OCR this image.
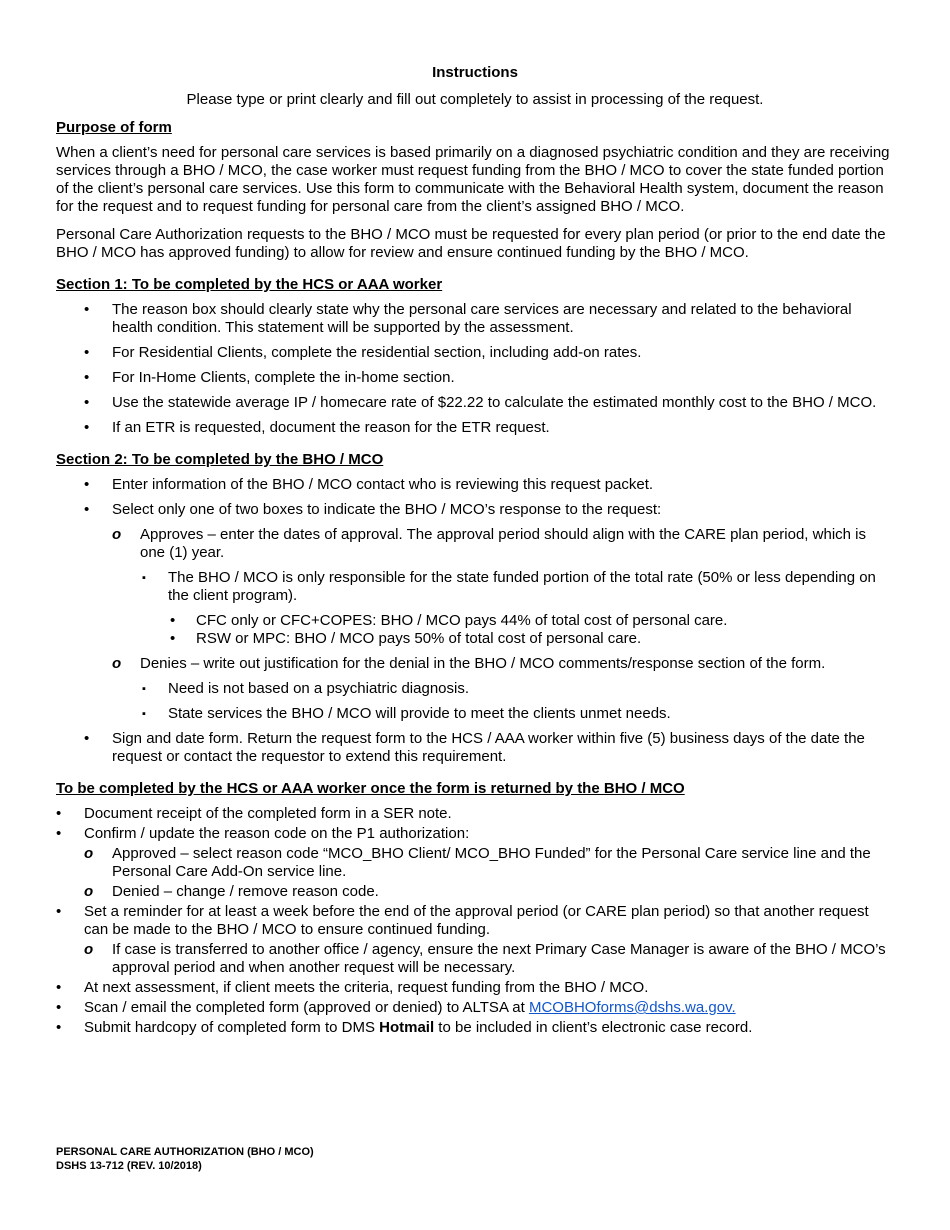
Instructions
Please type or print clearly and fill out completely to assist in processing of the request.
Purpose of form

When a client’s need for personal care services is based primarily on a diagnosed psychiatric condition and they are receiving services through a BHO / MCO, the case worker must request funding from the BHO / MCO to cover the state funded portion of the client’s personal care services. Use this form to communicate with the Behavioral Health system, document the reason for the request and to request funding for personal care from the client’s assigned BHO / MCO.

Personal Care Authorization requests to the BHO / MCO must be requested for every plan period (or prior to the end date the BHO / MCO has approved funding) to allow for review and ensure continued funding by the BHO / MCO.

Section 1: To be completed by the HCS or AAA worker
• The reason box should clearly state why the personal care services are necessary and related to the behavioral health condition. This statement will be supported by the assessment.
• For Residential Clients, complete the residential section, including add-on rates.
• For In-Home Clients, complete the in-home section.
• Use the statewide average IP / homecare rate of $22.22 to calculate the estimated monthly cost to the BHO / MCO.
• If an ETR is requested, document the reason for the ETR request.
Section 2: To be completed by the BHO / MCO
• Enter information of the BHO / MCO contact who is reviewing this request packet.
• Select only one of two boxes to indicate the BHO / MCO’s response to the request:
o Approves – enter the dates of approval. The approval period should align with the CARE plan period, which is one (1) year.
▪ The BHO / MCO is only responsible for the state funded portion of the total rate (50% or less depending on the client program).
• CFC only or CFC+COPES: BHO / MCO pays 44% of total cost of personal care.
• RSW or MPC: BHO / MCO pays 50% of total cost of personal care.
o Denies – write out justification for the denial in the BHO / MCO comments/response section of the form.
▪ Need is not based on a psychiatric diagnosis.
▪ State services the BHO / MCO will provide to meet the clients unmet needs.
• Sign and date form. Return the request form to the HCS / AAA worker within five (5) business days of the date the request or contact the requestor to extend this requirement.
To be completed by the HCS or AAA worker once the form is returned by the BHO / MCO
• Document receipt of the completed form in a SER note.
• Confirm / update the reason code on the P1 authorization:
o Approved – select reason code “MCO_BHO Client/ MCO_BHO Funded” for the Personal Care service line and the Personal Care Add-On service line.
o Denied – change / remove reason code.
• Set a reminder for at least a week before the end of the approval period (or CARE plan period) so that another request can be made to the BHO / MCO to ensure continued funding.
o If case is transferred to another office / agency, ensure the next Primary Case Manager is aware of the BHO / MCO’s approval period and when another request will be necessary.
• At next assessment, if client meets the criteria, request funding from the BHO / MCO.
• Scan / email the completed form (approved or denied) to ALTSA at MCOBHOforms@dshs.wa.gov.
• Submit hardcopy of completed form to DMS Hotmail to be included in client’s electronic case record.
PERSONAL CARE AUTHORIZATION (BHO / MCO)
DSHS 13-712 (REV. 10/2018)
